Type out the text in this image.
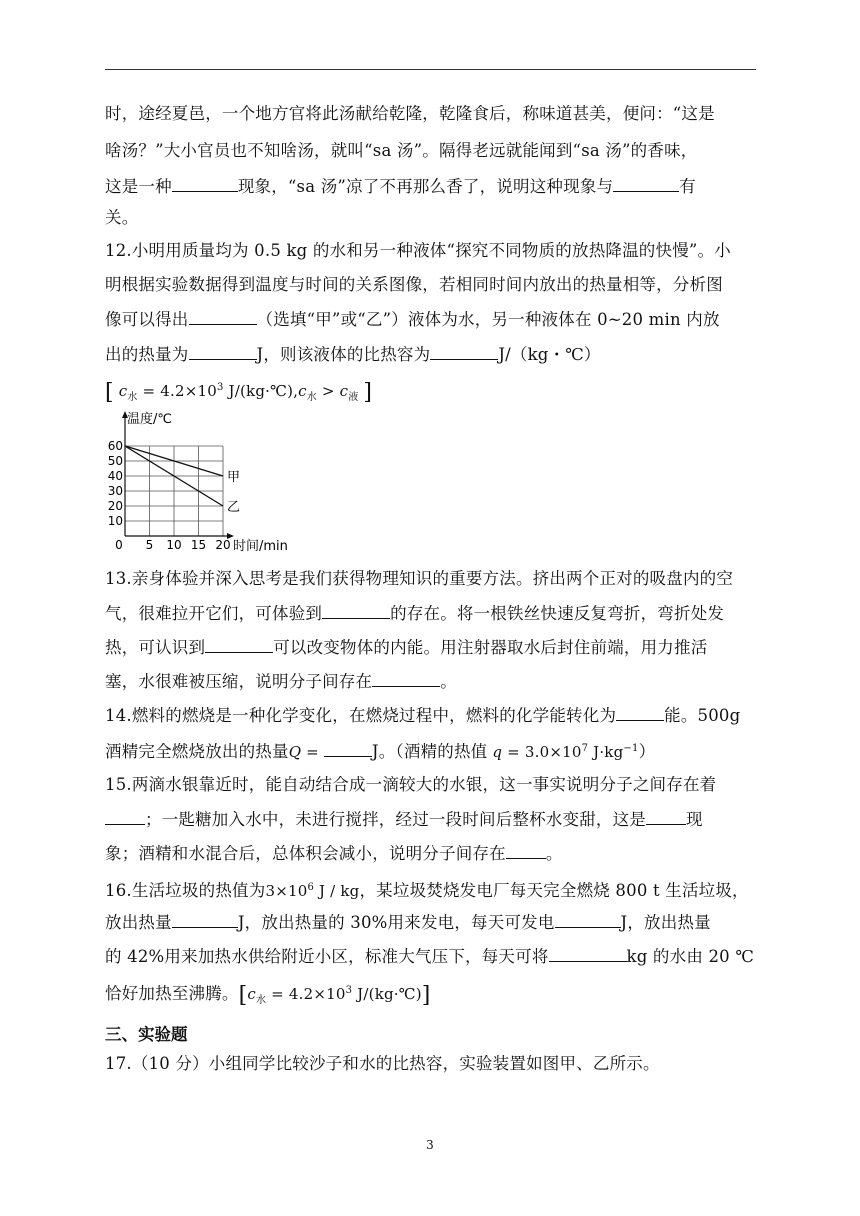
时，途经夏邑，一个地方官将此汤献给乾隆，乾隆食后，称味道甚美，便问：“这是
啥汤？”大小官员也不知啥汤，就叫“sa 汤”。隔得老远就能闻到“sa 汤”的香味，
这是一种	现象，“sa 汤”凉了不再那么香了，说明这种现象与	有
关。
12.小明用质量均为 0.5 kg 的水和另一种液体“探究不同物质的放热降温的快慢”。小
明根据实验数据得到温度与时间的关系图像，若相同时间内放出的热量相等，分析图
像可以得出	（选填“甲”或“乙”）液体为水，另一种液体在 0~20 min 内放
出的热量为	J，则该液体的比热容为	J/（kg・℃）
[ $c_水 = 4.2\times 10^3$ $J/(kg\cdot℃),c_水 > c_液$ ]
10
20
30
40
50
60
0 5 10 15 20
甲
乙
温度/℃
时间/min
13.亲身体验并深入思考是我们获得物理知识的重要方法。挤出两个正对的吸盘内的空
气，很难拉开它们，可体验到	的存在。将一根铁丝快速反复弯折，弯折处发
热，可认识到	可以改变物体的内能。用注射器取水后封住前端，用力推活
塞，水很难被压缩，说明分子间存在	。
14.燃料的燃烧是一种化学变化，在燃烧过程中，燃料的化学能转化为	能。500g
酒精完全燃烧放出的热量Q =	J。（酒精的热值 $q = 3.0\times 10^7$ $J\cdot kg^{-1}$）
15.两滴水银靠近时，能自动结合成一滴较大的水银，这一事实说明分子之间存在着
；一匙糖加入水中，未进行搅拌，经过一段时间后整杯水变甜，这是 现
象；酒精和水混合后，总体积会减小，说明分子间存在 。
16.生活垃圾的热值为$3\times 10^6$ J / kg，某垃圾焚烧发电厂每天完全燃烧 800 t 生活垃圾，
放出热量	J，放出热量的 30%用来发电，每天可发电	J，放出热量
的 42%用来加热水供给附近小区，标准大气压下，每天可将	kg 的水由 20 ℃
恰好加热至沸腾。[$c_水 = 4.2\times 10^3$ J/(kg·℃)]
三、实验题
17.（10 分）小组同学比较沙子和水的比热容，实验装置如图甲、乙所示。
3
